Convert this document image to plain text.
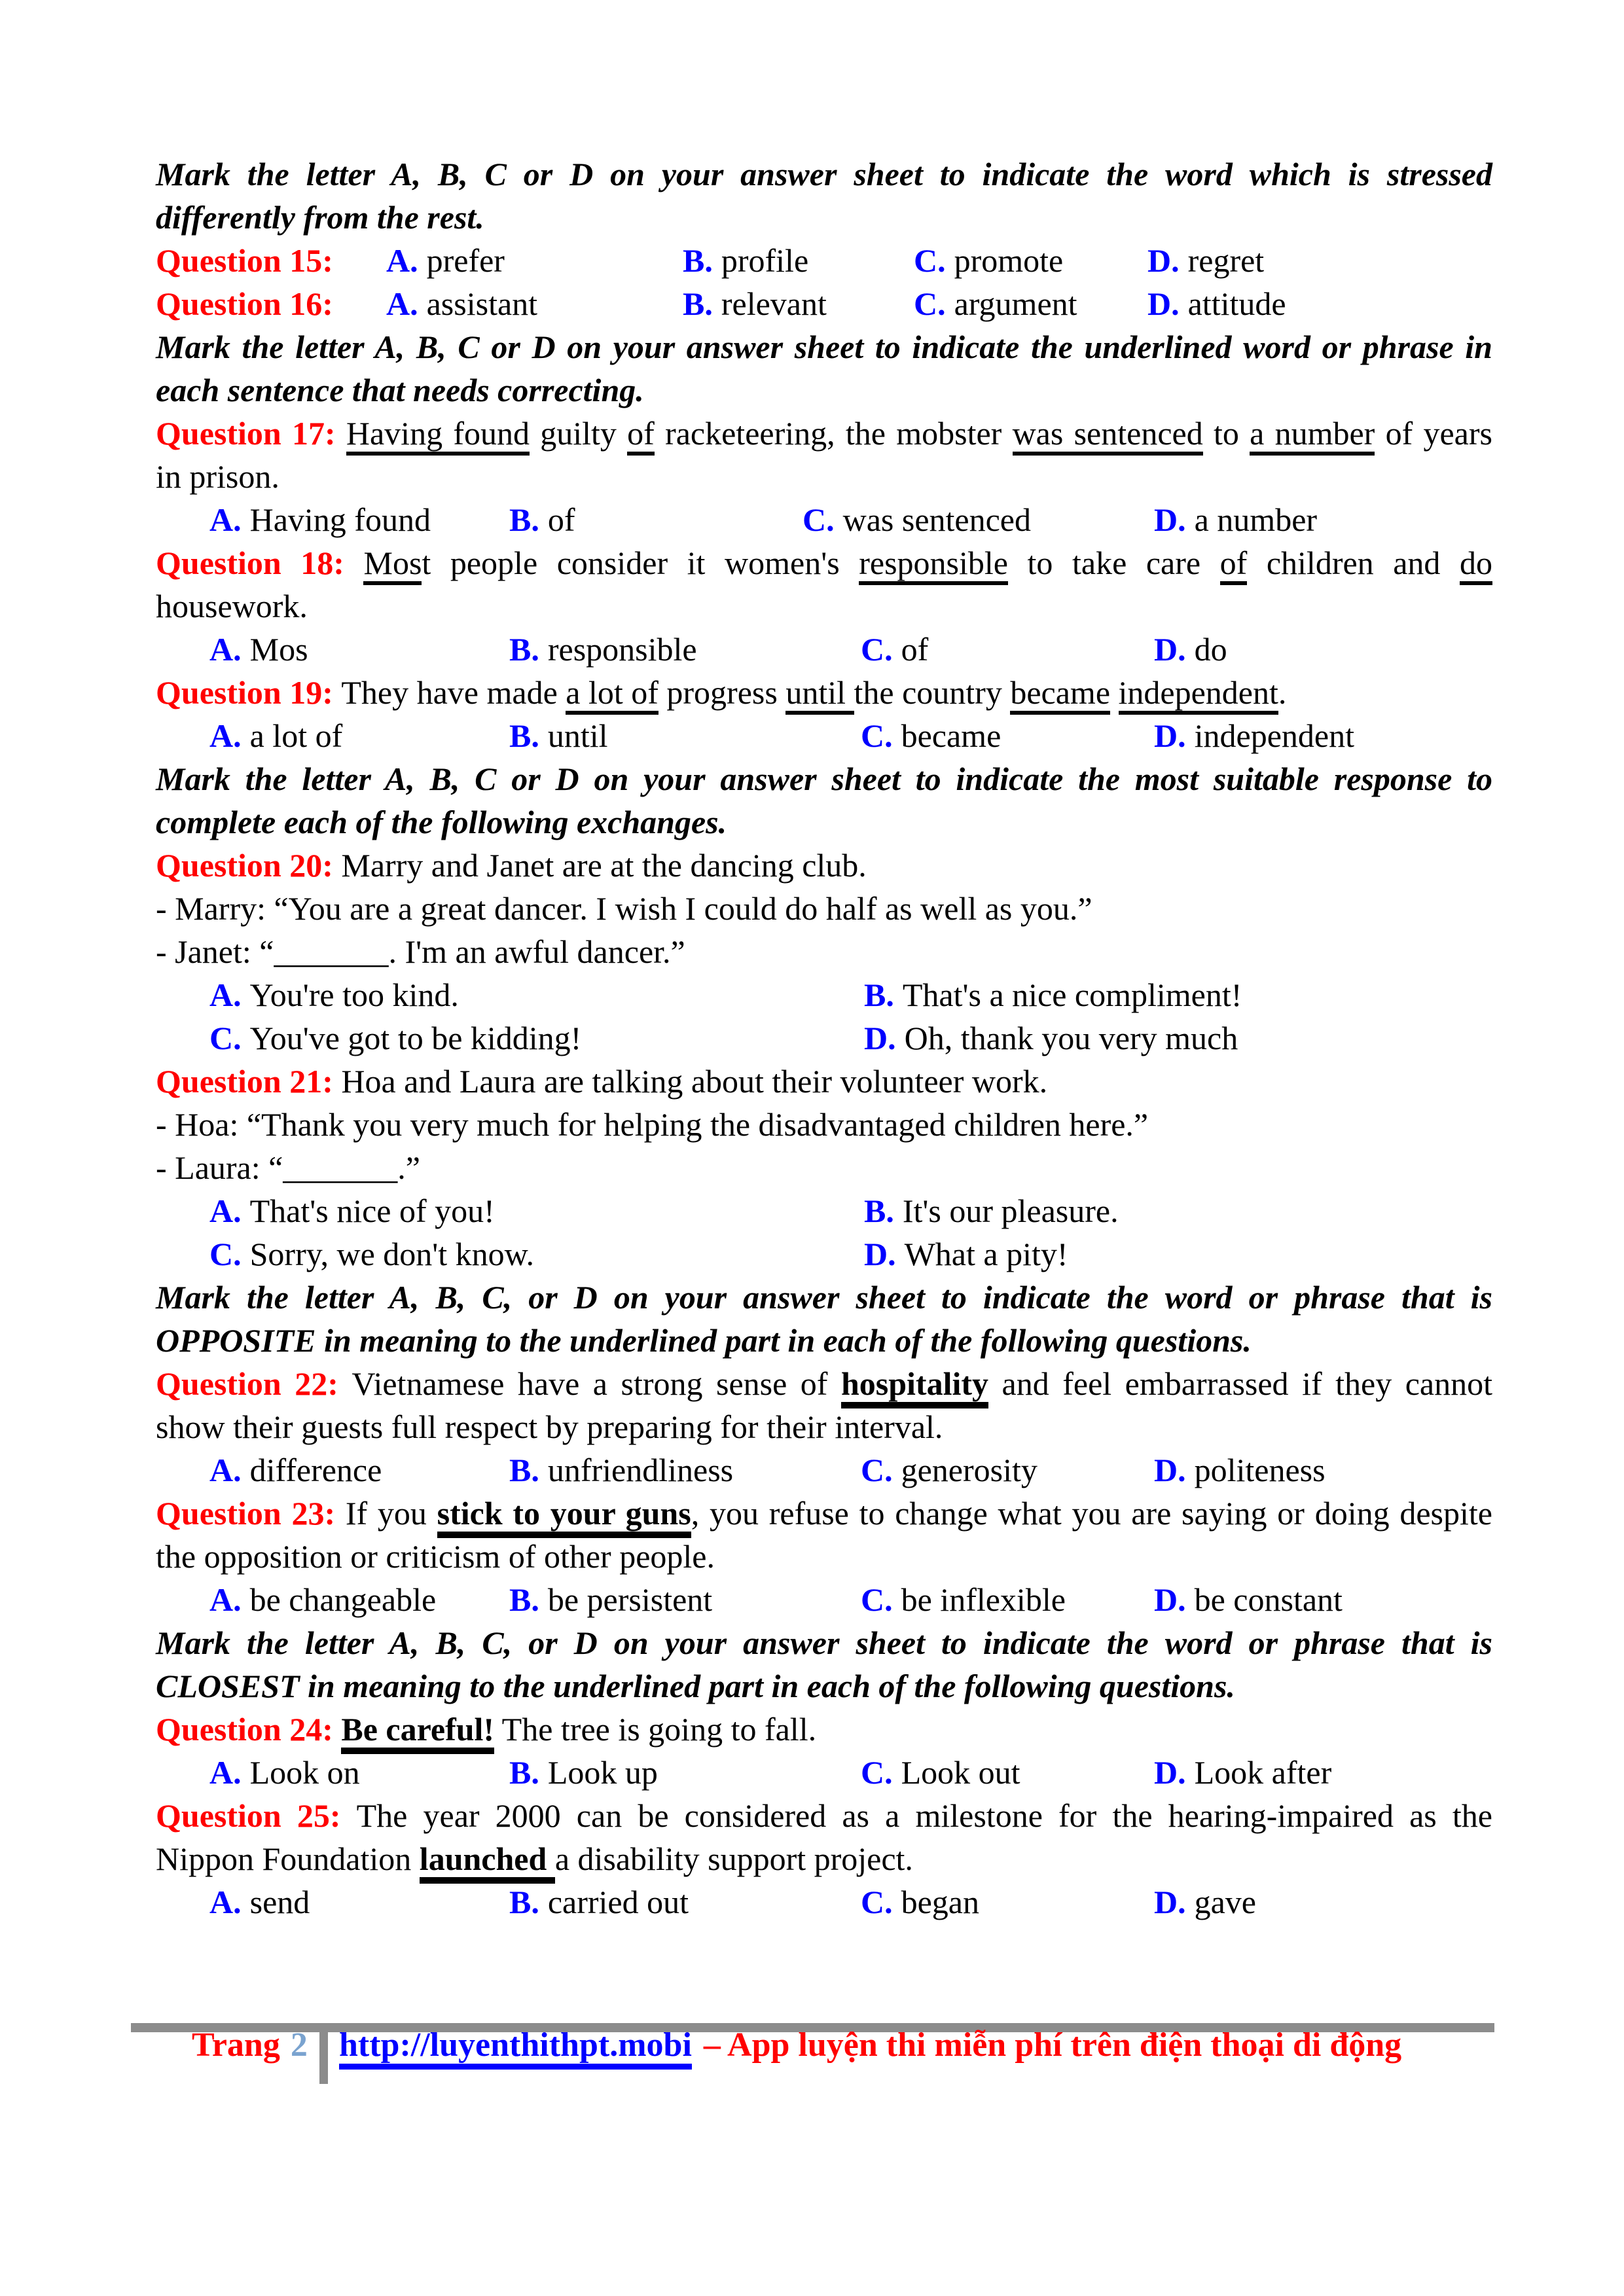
Mark the letter A, B, C or D on your answer sheet to indicate the word which is stressed
differently from the rest.
Question 15: A. prefer	B. profile	C. promote	D. regret
Question 16: A. assistant	B. relevant	C. argument D. attitude
Mark the letter A, B, C or D on your answer sheet to indicate the underlined word or phrase in
each sentence that needs correcting.
Question 17: Having found guilty of racketeering, the mobster was sentenced to a number of years
in prison.
A. Having found B. of	C. was sentenced	D. a number
Question 18: Most people consider it women's responsible to take care of children and do
housework.
A. Mos	B. responsible	C. of	D. do
Question 19: They have made a lot of progress until the country became independent.
A. a lot of	B. until	C. became	D. independent
Mark the letter A, B, C or D on your answer sheet to indicate the most suitable response to
complete each of the following exchanges.
Question 20: Marry and Janet are at the dancing club.
- Marry: “You are a great dancer. I wish I could do half as well as you.”
- Janet: “_______. I'm an awful dancer.”
A. You're too kind.	B. That's a nice compliment!
C. You've got to be kidding!	D. Oh, thank you very much
Question 21: Hoa and Laura are talking about their volunteer work.
- Hoa: “Thank you very much for helping the disadvantaged children here.”
- Laura: “_______.”
A. That's nice of you!	B. It's our pleasure.
C. Sorry, we don't know.	D. What a pity!
Mark the letter A, B, C, or D on your answer sheet to indicate the word or phrase that is
OPPOSITE in meaning to the underlined part in each of the following questions.
Question 22: Vietnamese have a strong sense of hospitality and feel embarrassed if they cannot
show their guests full respect by preparing for their interval.
A. difference	B. unfriendliness	C. generosity	D. politeness
Question 23: If you stick to your guns, you refuse to change what you are saying or doing despite
the opposition or criticism of other people.
A. be changeable B. be persistent	C. be inflexible	D. be constant
Mark the letter A, B, C, or D on your answer sheet to indicate the word or phrase that is
CLOSEST in meaning to the underlined part in each of the following questions.
Question 24: Be careful! The tree is going to fall.
A. Look on	B. Look up	C. Look out	D. Look after
Question 25: The year 2000 can be considered as a milestone for the hearing-impaired as the
Nippon Foundation launched a disability support project.
A. send	B. carried out	C. began	D. gave
Trang 2 http://luyenthithpt.mobi – App luyện thi miễn phí trên điện thoại di động
